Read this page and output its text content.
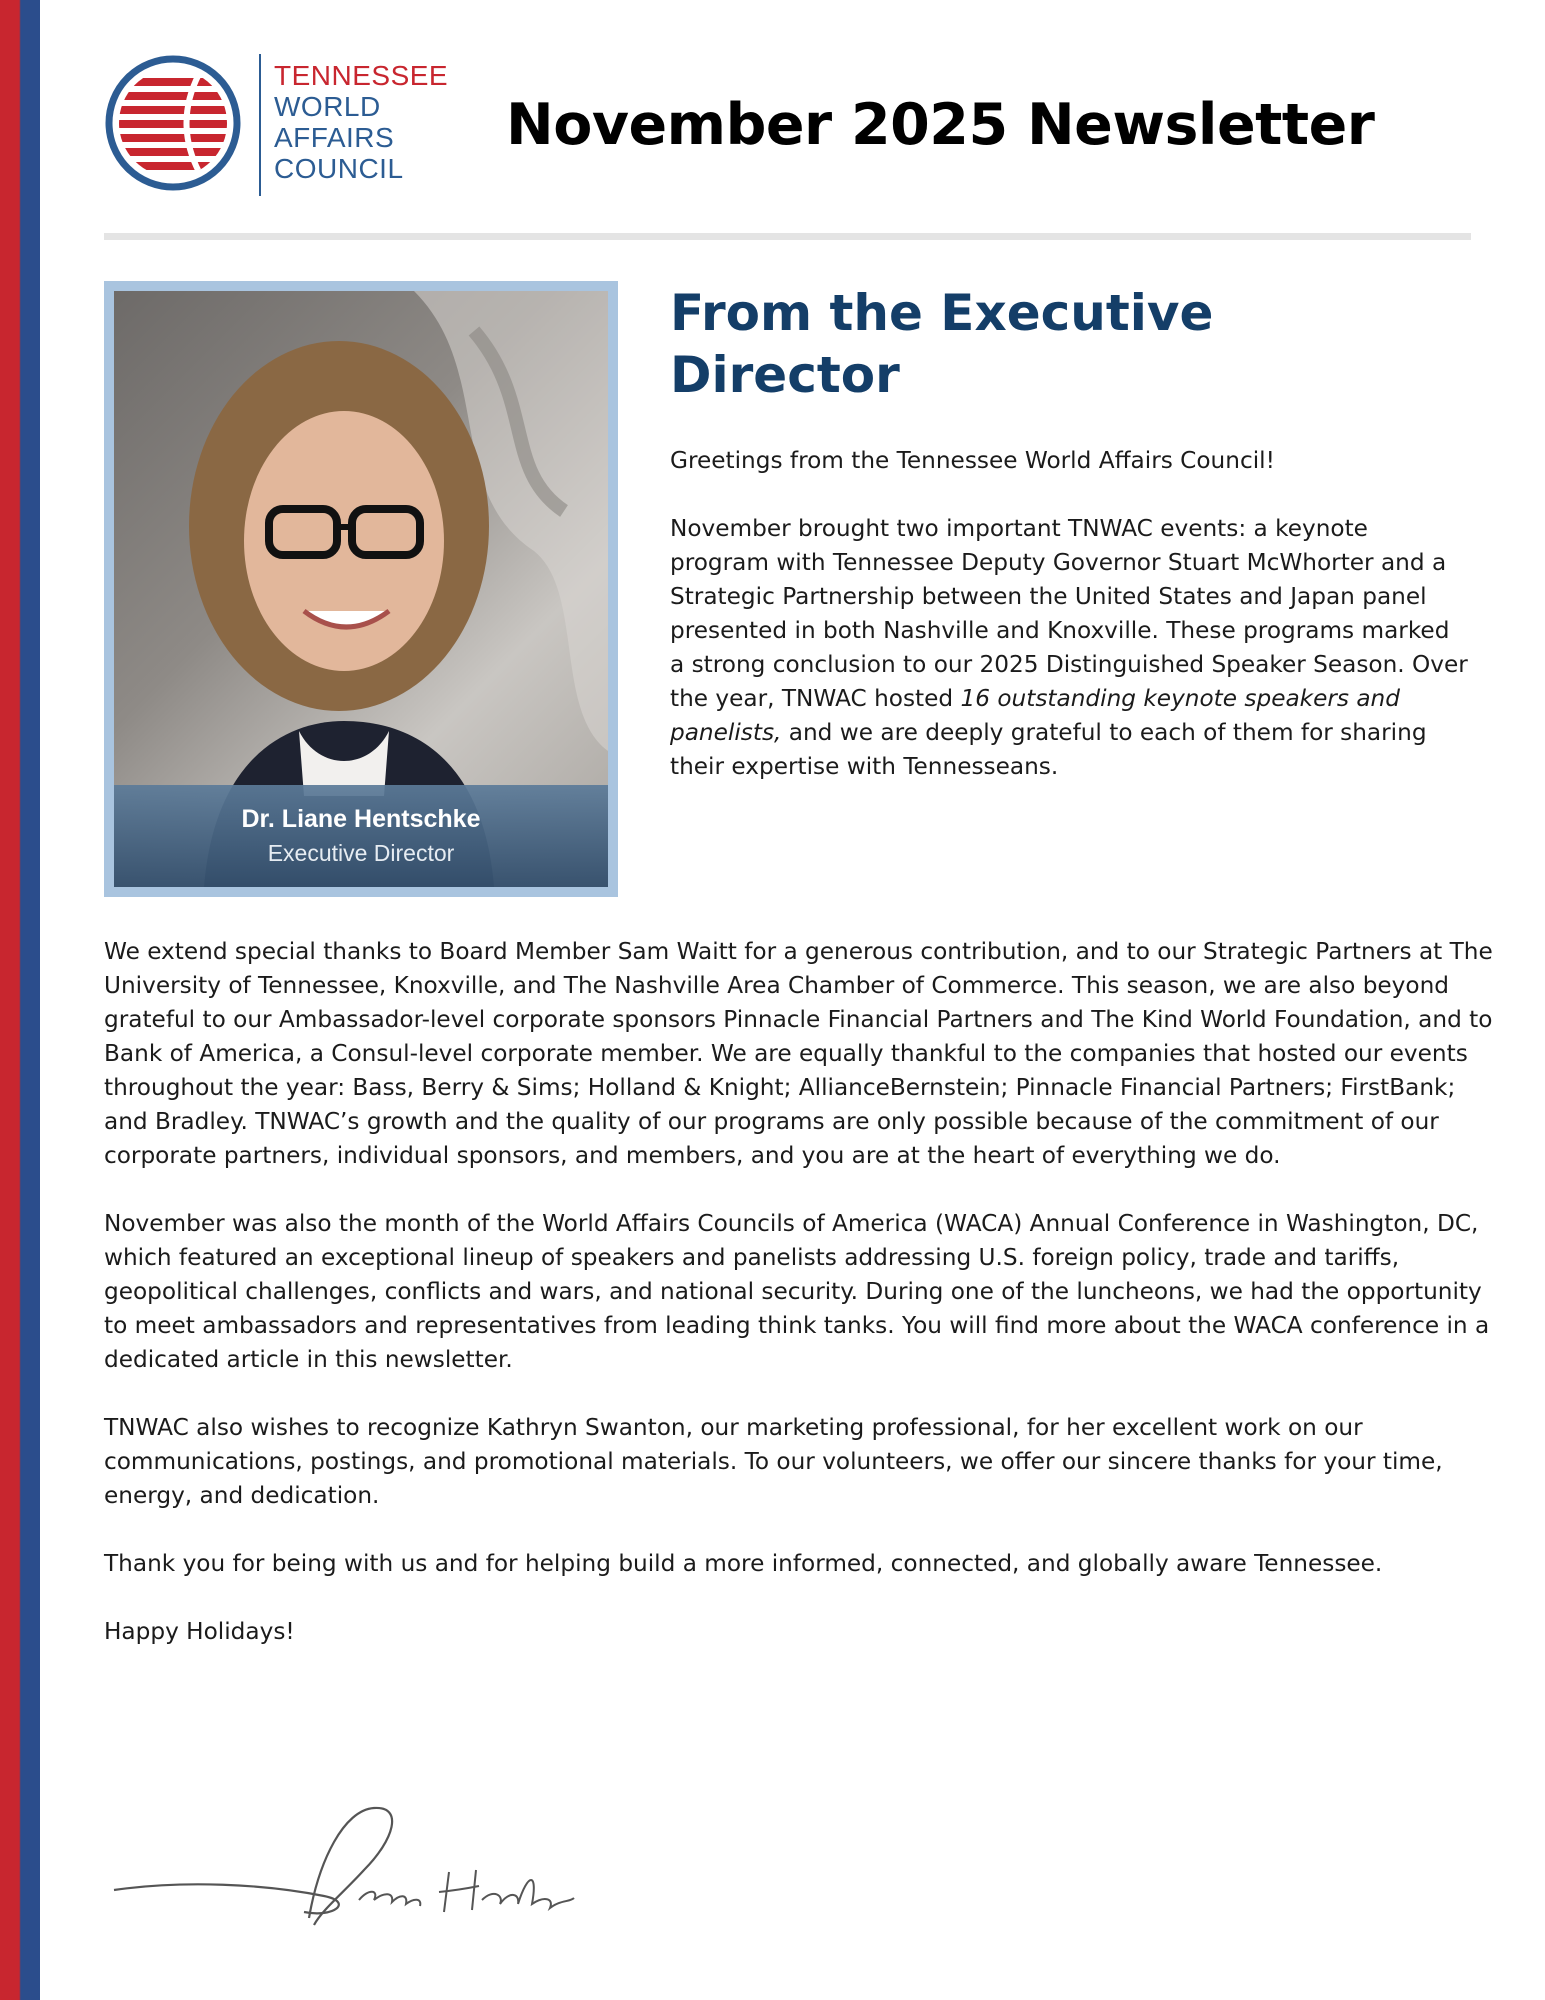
TENNESSEE
WORLD
AFFAIRS
COUNCIL
November 2025 Newsletter
Dr. Liane Hentschke
Executive Director
From the Executive Director

Greetings from the Tennessee World Affairs Council!

November brought two important TNWAC events: a keynote program with Tennessee Deputy Governor Stuart McWhorter and a Strategic Partnership between the United States and Japan panel presented in both Nashville and Knoxville. These programs marked a strong conclusion to our 2025 Distinguished Speaker Season. Over the year, TNWAC hosted 16 outstanding keynote speakers and panelists, and we are deeply grateful to each of them for sharing their expertise with Tennesseans.

We extend special thanks to Board Member Sam Waitt for a generous contribution, and to our Strategic Partners at The University of Tennessee, Knoxville, and The Nashville Area Chamber of Commerce. This season, we are also beyond grateful to our Ambassador-level corporate sponsors Pinnacle Financial Partners and The Kind World Foundation, and to Bank of America, a Consul-level corporate member. We are equally thankful to the companies that hosted our events throughout the year: Bass, Berry & Sims; Holland & Knight; AllianceBernstein; Pinnacle Financial Partners; FirstBank; and Bradley. TNWAC’s growth and the quality of our programs are only possible because of the commitment of our corporate partners, individual sponsors, and members, and you are at the heart of everything we do.

November was also the month of the World Affairs Councils of America (WACA) Annual Conference in Washington, DC, which featured an exceptional lineup of speakers and panelists addressing U.S. foreign policy, trade and tariffs, geopolitical challenges, conflicts and wars, and national security. During one of the luncheons, we had the opportunity to meet ambassadors and representatives from leading think tanks. You will find more about the WACA conference in a dedicated article in this newsletter.

TNWAC also wishes to recognize Kathryn Swanton, our marketing professional, for her excellent work on our communications, postings, and promotional materials. To our volunteers, we offer our sincere thanks for your time, energy, and dedication.

Thank you for being with us and for helping build a more informed, connected, and globally aware Tennessee.

Happy Holidays!
